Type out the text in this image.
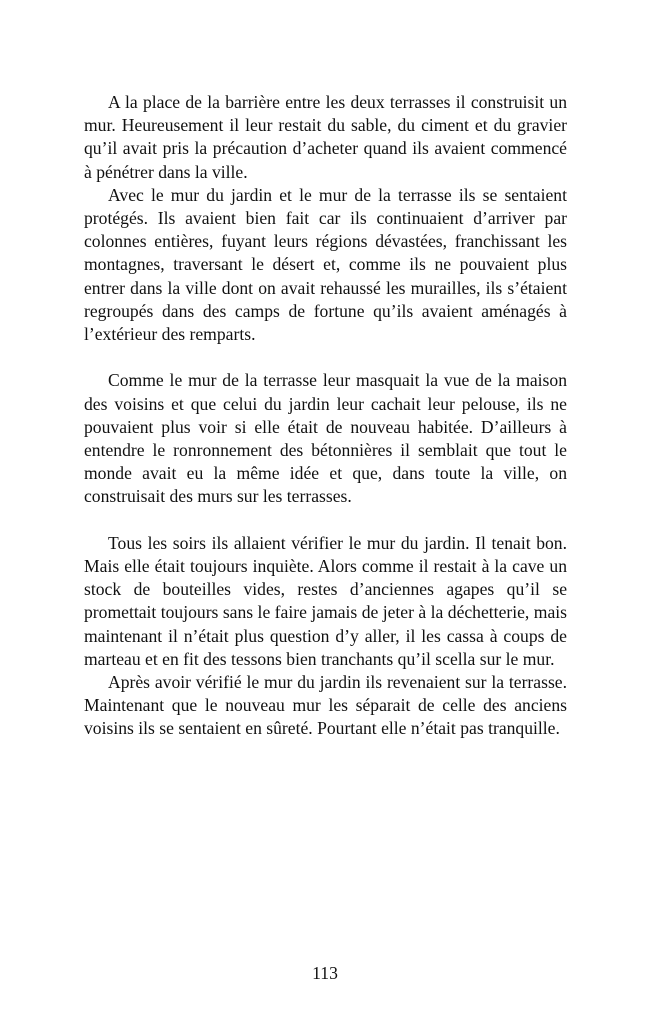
A la place de la barrière entre les deux terrasses il construisit un mur. Heureusement il leur restait du sable, du ciment et du gravier qu’il avait pris la précaution d’acheter quand ils avaient commencé à pénétrer dans la ville.

Avec le mur du jardin et le mur de la terrasse ils se sentaient protégés. Ils avaient bien fait car ils continuaient d’arriver par colonnes entières, fuyant leurs régions dévastées, franchissant les montagnes, traversant le désert et, comme ils ne pouvaient plus entrer dans la ville dont on avait rehaussé les murailles, ils s’étaient regroupés dans des camps de fortune qu’ils avaient aménagés à l’extérieur des remparts.

Comme le mur de la terrasse leur masquait la vue de la maison des voisins et que celui du jardin leur cachait leur pelouse, ils ne pouvaient plus voir si elle était de nouveau habitée. D’ailleurs à entendre le ronronnement des bétonnières il semblait que tout le monde avait eu la même idée et que, dans toute la ville, on construisait des murs sur les terrasses.

Tous les soirs ils allaient vérifier le mur du jardin. Il tenait bon. Mais elle était toujours inquiète. Alors comme il restait à la cave un stock de bouteilles vides, restes d’anciennes agapes qu’il se promettait toujours sans le faire jamais de jeter à la déchetterie, mais maintenant il n’était plus question d’y aller, il les cassa à coups de marteau et en fit des tessons bien tranchants qu’il scella sur le mur.

Après avoir vérifié le mur du jardin ils revenaient sur la terrasse. Maintenant que le nouveau mur les séparait de celle des anciens voisins ils se sentaient en sûreté. Pourtant elle n’était pas tranquille.

113
